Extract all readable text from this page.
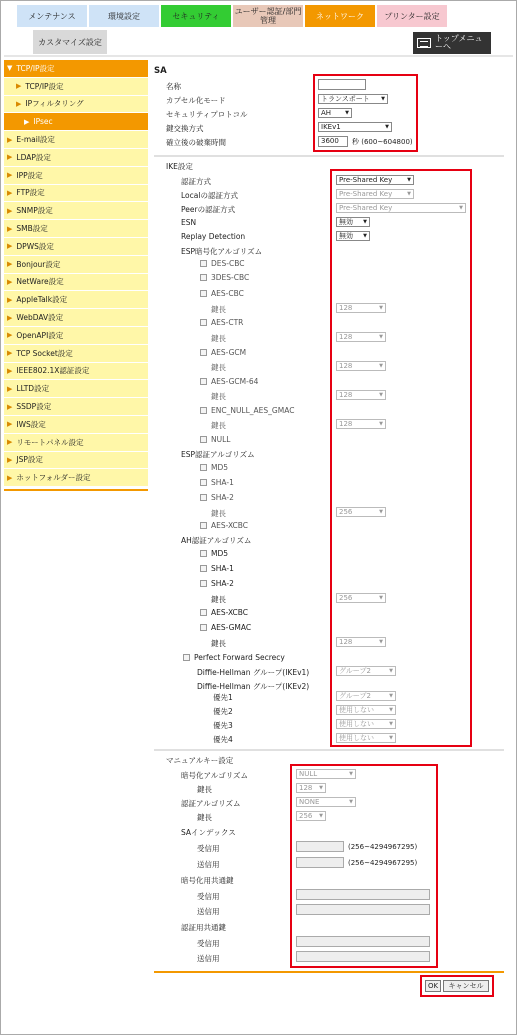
メンテナンス	環境設定	セキュリティ	ユーザー認証/部門管理	ネットワーク	プリンター設定
カスタマイズ設定	トップメニューへ
▼ TCP/IP設定
▶ TCP/IP設定
▶ IPフィルタリング
▶ IPsec
▶ E-mail設定
▶ LDAP設定
▶ IPP設定
▶ FTP設定
▶ SNMP設定
▶ SMB設定
▶ DPWS設定
▶ Bonjour設定
▶ NetWare設定
▶ AppleTalk設定
▶ WebDAV設定
▶ OpenAPI設定
▶ TCP Socket設定
▶ IEEE802.1X認証設定
▶ LLTD設定
▶ SSDP設定
▶ IWS設定
▶ リモートパネル設定
▶ JSP設定
▶ ホットフォルダー設定
SA
名称
カプセル化モード	トランスポート ▼
セキュリティプロトコル	AH ▼
鍵交換方式	IKEv1 ▼
確立後の破棄時間	3600	秒 (600~604800)
IKE設定
認証方式	Pre-Shared Key ▼
Localの認証方式	Pre-Shared Key ▼
Peerの認証方式	Pre-Shared Key ▼
ESN	無効 ▼
Replay Detection	無効 ▼
ESP暗号化アルゴリズム
DES-CBC
3DES-CBC
AES-CBC
鍵長	128 ▼
AES-CTR
鍵長	128 ▼
AES-GCM
鍵長	128 ▼
AES-GCM-64
鍵長	128 ▼
ENC_NULL_AES_GMAC
鍵長	128 ▼
NULL
ESP認証アルゴリズム
MD5
SHA-1
SHA-2
鍵長	256 ▼
AES-XCBC
AH認証アルゴリズム
MD5
SHA-1
SHA-2
鍵長	256 ▼
AES-XCBC
AES-GMAC
鍵長	128 ▼
Perfect Forward Secrecy
Diffie-Hellman グループ(IKEv1)	グループ2 ▼
Diffie-Hellman グループ(IKEv2)
優先1	グループ2 ▼
優先2	使用しない ▼
優先3	使用しない ▼
優先4	使用しない ▼
マニュアルキー設定
暗号化アルゴリズム	NULL ▼
鍵長	128 ▼
認証アルゴリズム	NONE ▼
鍵長	256 ▼
SAインデックス
受信用	(256~4294967295)
送信用	(256~4294967295)
暗号化用共通鍵
受信用
送信用
認証用共通鍵
受信用
送信用
OK	キャンセル
